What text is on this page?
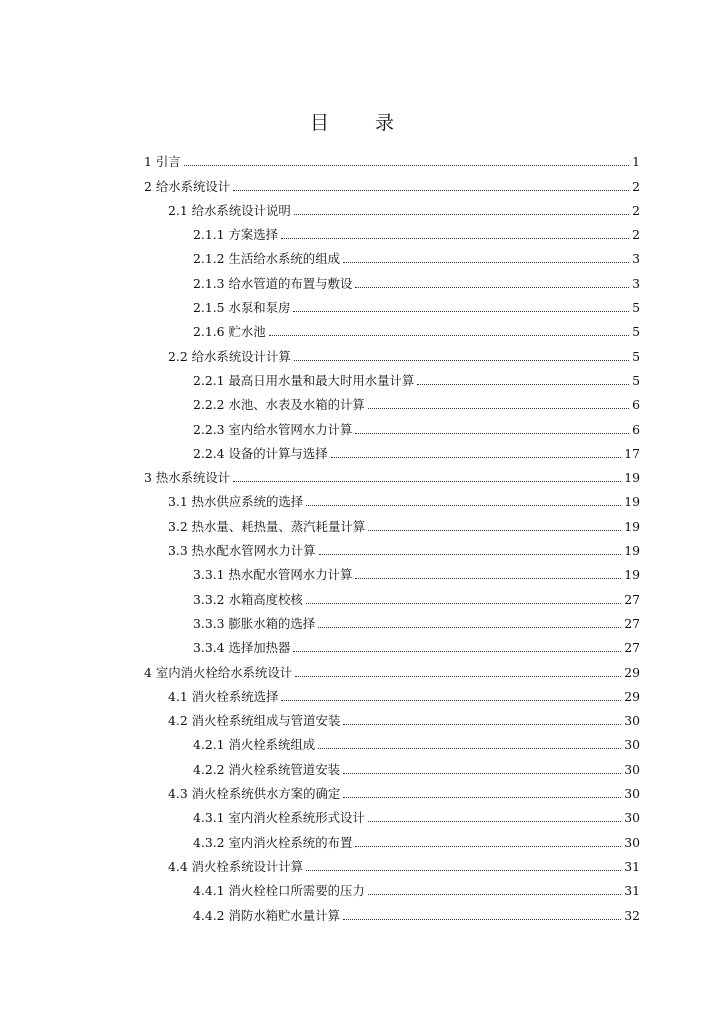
目 录
1 引言	1
2 给水系统设计	2
2.1 给水系统设计说明	2
2.1.1 方案选择	2
2.1.2 生活给水系统的组成	3
2.1.3 给水管道的布置与敷设	3
2.1.5 水泵和泵房	5
2.1.6 贮水池	5
2.2 给水系统设计计算	5
2.2.1 最高日用水量和最大时用水量计算	5
2.2.2 水池、水表及水箱的计算	6
2.2.3 室内给水管网水力计算	6
2.2.4 设备的计算与选择	17
3 热水系统设计	19
3.1 热水供应系统的选择	19
3.2 热水量、耗热量、蒸汽耗量计算	19
3.3 热水配水管网水力计算	19
3.3.1 热水配水管网水力计算	19
3.3.2 水箱高度校核	27
3.3.3 膨胀水箱的选择	27
3.3.4 选择加热器	27
4 室内消火栓给水系统设计	29
4.1 消火栓系统选择	29
4.2 消火栓系统组成与管道安装	30
4.2.1 消火栓系统组成	30
4.2.2 消火栓系统管道安装	30
4.3 消火栓系统供水方案的确定	30
4.3.1 室内消火栓系统形式设计	30
4.3.2 室内消火栓系统的布置	30
4.4 消火栓系统设计计算	31
4.4.1 消火栓栓口所需要的压力	31
4.4.2 消防水箱贮水量计算	32
